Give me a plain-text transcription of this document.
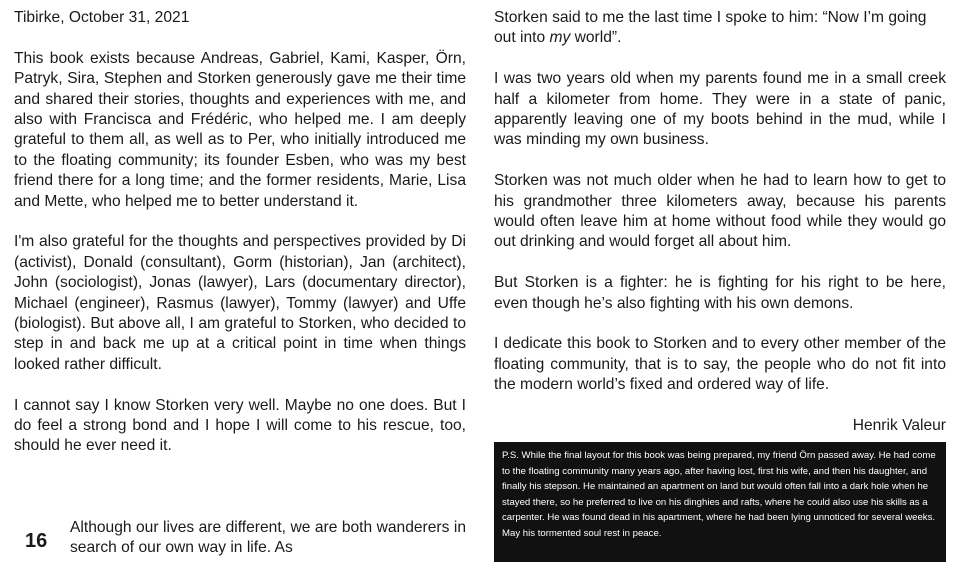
Tibirke, October 31, 2021

This book exists because Andreas, Gabriel, Kami, Kasper, Örn, Patryk, Sira, Stephen and Storken generously gave me their time and shared their stories, thoughts and experiences with me, and also with Francisca and Frédéric, who helped me. I am deeply grateful to them all, as well as to Per, who initially introduced me to the floating community; its founder Esben, who was my best friend there for a long time; and the former residents, Marie, Lisa and Mette, who helped me to better understand it.

I'm also grateful for the thoughts and perspectives provided by Di (activist), Donald (consultant), Gorm (historian), Jan (architect), John (sociologist), Jonas (lawyer), Lars (documentary director), Michael (engineer), Rasmus (lawyer), Tommy (lawyer) and Uffe (biologist). But above all, I am grateful to Storken, who decided to step in and back me up at a critical point in time when things looked rather difficult.

I cannot say I know Storken very well. Maybe no one does. But I do feel a strong bond and I hope I will come to his rescue, too, should he ever need it.

16
Although our lives are different, we are both wanderers in search of our own way in life. As

Storken said to me the last time I spoke to him: “Now I’m going out into my world”.

I was two years old when my parents found me in a small creek half a kilometer from home. They were in a state of panic, apparently leaving one of my boots behind in the mud, while I was minding my own business.

Storken was not much older when he had to learn how to get to his grandmother three kilometers away, because his parents would often leave him at home without food while they would go out drinking and would forget all about him.

But Storken is a fighter: he is fighting for his right to be here, even though he’s also fighting with his own demons.

I dedicate this book to Storken and to every other member of the floating community, that is to say, the people who do not fit into the modern world’s fixed and ordered way of life.

Henrik Valeur
P.S. While the final layout for this book was being prepared, my friend Örn passed away. He had come to the floating community many years ago, after having lost, first his wife, and then his daughter, and finally his stepson. He maintained an apartment on land but would often fall into a dark hole when he stayed there, so he preferred to live on his dinghies and rafts, where he could also use his skills as a carpenter. He was found dead in his apartment, where he had been lying unnoticed for several weeks. May his tormented soul rest in peace.
